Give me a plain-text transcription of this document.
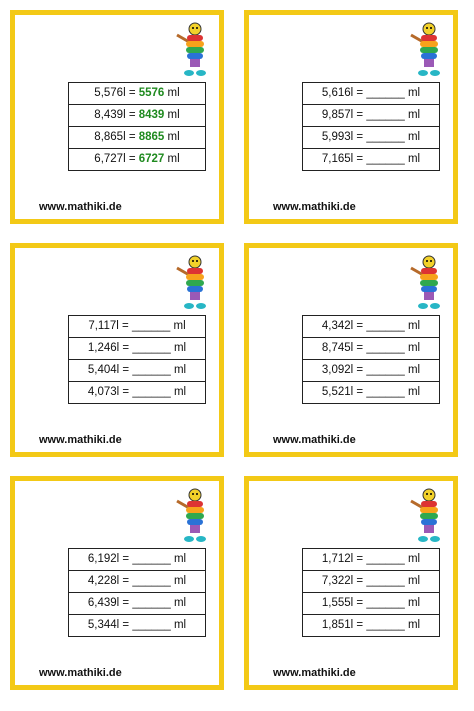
5,576l = 5576 ml
8,439l = 8439 ml
8,865l = 8865 ml
6,727l = 6727 ml
www.mathiki.de
5,616l = ______ ml
9,857l = ______ ml
5,993l = ______ ml
7,165l = ______ ml
www.mathiki.de
7,117l = ______ ml
1,246l = ______ ml
5,404l = ______ ml
4,073l = ______ ml
www.mathiki.de
4,342l = ______ ml
8,745l = ______ ml
3,092l = ______ ml
5,521l = ______ ml
www.mathiki.de
6,192l = ______ ml
4,228l = ______ ml
6,439l = ______ ml
5,344l = ______ ml
www.mathiki.de
1,712l = ______ ml
7,322l = ______ ml
1,555l = ______ ml
1,851l = ______ ml
www.mathiki.de
